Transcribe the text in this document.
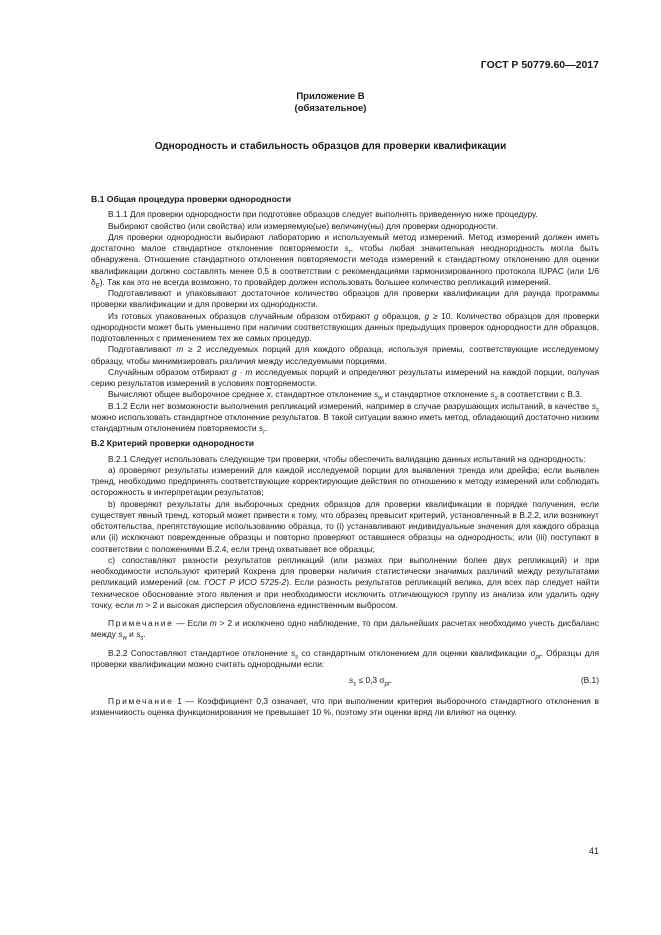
ГОСТ Р 50779.60—2017
Приложение В
(обязательное)
Однородность и стабильность образцов для проверки квалификации
В.1 Общая процедура проверки однородности

В.1.1 Для проверки однородности при подготовке образцов следует выполнять приведенную ниже процедуру.

Выбирают свойство (или свойства) или измеряемую(ые) величину(ны) для проверки однородности.

Для проверки однородности выбирают лабораторию и используемый метод измерений. Метод измерений должен иметь достаточно малое стандартное отклонение повторяемости $s_r$, чтобы любая значительная неоднородность могла быть обнаружена. Отношение стандартного отклонения повторяемости метода измерений к стандартному отклонению для оценки квалификации должно составлять менее 0,5 в соответствии с рекомендациями гармонизированного протокола IUPAC (или 1/6 $\delta_E$). Так как это не всегда возможно, то провайдер должен использовать большее количество репликаций измерений.

Подготавливают и упаковывают достаточное количество образцов для проверки квалификации для раунда программы проверки квалификации и для проверки их однородности.

Из готовых упакованных образцов случайным образом отбирают g образцов, g ≥ 10. Количество образцов для проверки однородности может быть уменьшено при наличии соответствующих данных предыдущих проверок однородности для образцов, подготовленных с применением тех же самых процедур.

Подготавливают m ≥ 2 исследуемых порций для каждого образца, используя приемы, соответствующие исследуемому образцу, чтобы минимизировать различия между исследуемыми порциями.

Случайным образом отбирают g · m исследуемых порций и определяют результаты измерений на каждой порции, получая серию результатов измерений в условиях повторяемости.

Вычисляют общее выборочное среднее $\overline{x}$, стандартное отклонение $s_w$ и стандартное отклонение $s_s$ в соответствии с В.3.

В.1.2 Если нет возможности выполнения репликаций измерений, например в случае разрушающих испытаний, в качестве $s_s$ можно использовать стандартное отклонение результатов. В такой ситуации важно иметь метод, обладающий достаточно низким стандартным отклонением повторяемости $s_r$.

В.2 Критерий проверки однородности

В.2.1 Следует использовать следующие три проверки, чтобы обеспечить валидацию данных испытаний на однородность:

а) проверяют результаты измерений для каждой исследуемой порции для выявления тренда или дрейфа; если выявлен тренд, необходимо предпринять соответствующие корректирующие действия по отношению к методу измерений или соблюдать осторожность в интерпретации результатов;

b) проверяют результаты для выборочных средних образцов для проверки квалификации в порядке получения, если существует явный тренд, который может привести к тому, что образец превысит критерий, установленный в В.2.2, или возникнут обстоятельства, препятствующие использованию образца, то (i) устанавливают индивидуальные значения для каждого образца или (ii) исключают поврежденные образцы и повторно проверяют оставшиеся образцы на однородность; или (iii) поступают в соответствии с положениями В.2.4, если тренд охватывает все образцы;

с) сопоставляют разности результатов репликаций (или размах при выполнении более двух репликаций) и при необходимости используют критерий Кохрена для проверки наличия статистически значимых различий между результатами репликаций измерений (см. ГОСТ Р ИСО 5725-2). Если разность результатов репликаций велика, для всех пар следует найти техническое обоснование этого явления и при необходимости исключить отличающуюся группу из анализа или удалить одну точку, если m > 2 и высокая дисперсия обусловлена единственным выбросом.

Примечание — Если m > 2 и исключено одно наблюдение, то при дальнейших расчетах необходимо учесть дисбаланс между $s_w$ и $s_s$.

В.2.2 Сопоставляют стандартное отклонение $s_s$ со стандартным отклонением для оценки квалификации $\sigma_{pt}$. Образцы для проверки квалификации можно считать однородными если:

$s_s \le 0,3$ $\sigma_{pt}$.	(В.1)

Примечание 1 — Коэффициент 0,3 означает, что при выполнении критерия выборочного стандартного отклонения в изменчивость оценка функционирования не превышает 10 %, поэтому эти оценки вряд ли влияют на оценку.

41
